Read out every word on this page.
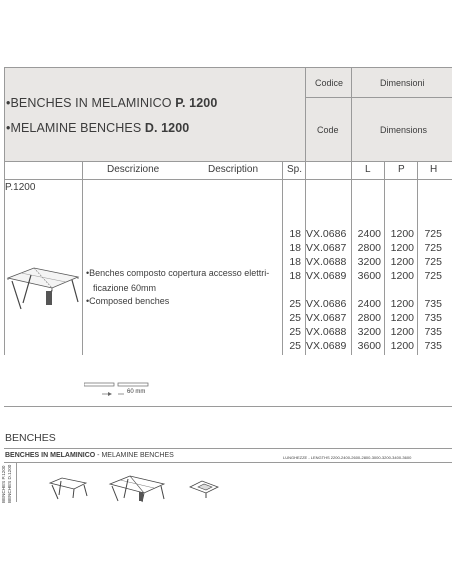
•BENCHES IN MELAMINICO P. 1200
•MELAMINE BENCHES D. 1200
Codice
Code
Dimensioni
Dimensions
Descrizione	Description	Sp.	L	P	H
P.1200
•Benches composto copertura accesso elettri-
ficazione 60mm
•Composed benches
18 VX.0686	2400 1200 725
18 VX.0687	2800 1200 725
18 VX.0688	3200 1200 725
18 VX.0689	3600 1200 725
25 VX.0686	2400 1200 735
25 VX.0687	2800 1200 735
25 VX.0688	3200 1200 735
25 VX.0689	3600 1200 735
60 mm
BENCHES
BENCHES IN MELAMINICO - MELAMINE BENCHES	LUNGHEZZE - LENGTHS 2200-2400-2600-2800-3000-3200-3400-3600
BENCHES P.1200 BENCHES D.1200
